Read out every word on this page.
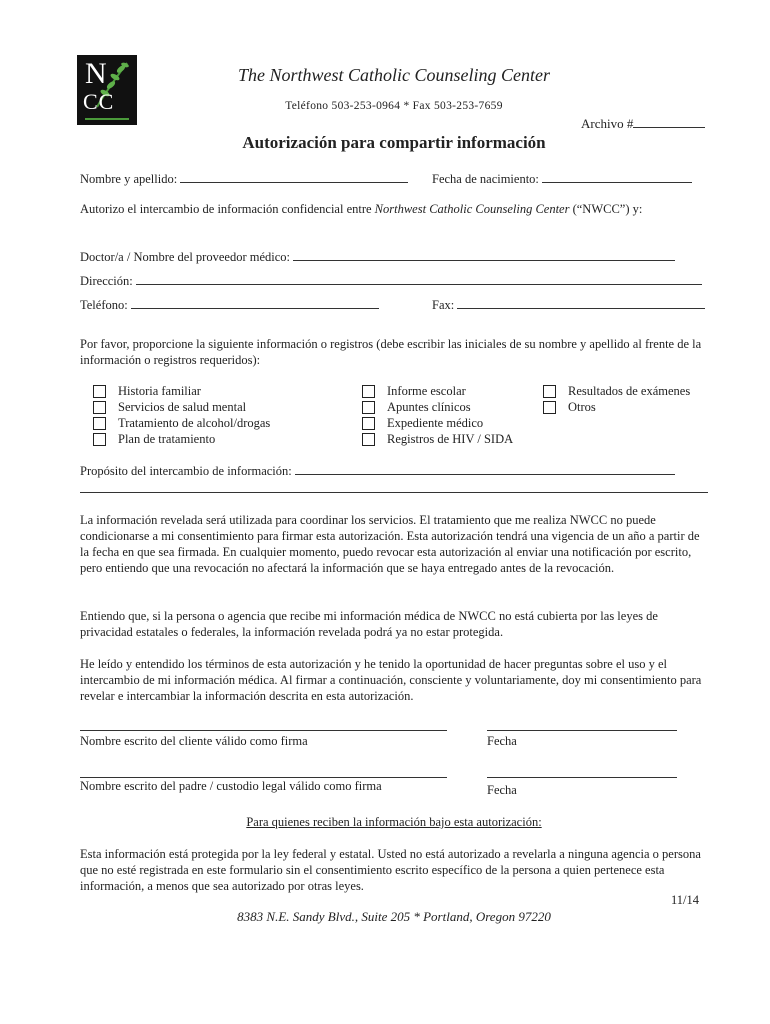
N
CC
The Northwest Catholic Counseling Center
Teléfono 503-253-0964 * Fax 503-253-7659
Archivo #
Autorización para compartir información
Nombre y apellido:	Fecha de nacimiento:
Autorizo el intercambio de información confidencial entre Northwest Catholic Counseling Center (“NWCC”) y:
Doctor/a / Nombre del proveedor médico:
Dirección:
Teléfono:	Fax:
Por favor, proporcione la siguiente información o registros (debe escribir las iniciales de su nombre y apellido al frente de la información o registros requeridos):
Historia familiar
Servicios de salud mental
Tratamiento de alcohol/drogas
Plan de tratamiento
Informe escolar
Apuntes clínicos
Expediente médico
Registros de HIV / SIDA
Resultados de exámenes
Otros
Propósito del intercambio de información:
La información revelada será utilizada para coordinar los servicios. El tratamiento que me realiza NWCC no puede condicionarse a mi consentimiento para firmar esta autorización. Esta autorización tendrá una vigencia de un año a partir de la fecha en que sea firmada. En cualquier momento, puedo revocar esta autorización al enviar una notificación por escrito, pero entiendo que una revocación no afectará la información que se haya entregado antes de la revocación.
Entiendo que, si la persona o agencia que recibe mi información médica de NWCC no está cubierta por las leyes de privacidad estatales o federales, la información revelada podrá ya no estar protegida.
He leído y entendido los términos de esta autorización y he tenido la oportunidad de hacer preguntas sobre el uso y el intercambio de mi información médica. Al firmar a continuación, consciente y voluntariamente, doy mi consentimiento para revelar e intercambiar la información descrita en esta autorización.
Nombre escrito del cliente válido como firma	Fecha
Nombre escrito del padre / custodio legal válido como firma	Fecha
Para quienes reciben la información bajo esta autorización:
Esta información está protegida por la ley federal y estatal. Usted no está autorizado a revelarla a ninguna agencia o persona que no esté registrada en este formulario sin el consentimiento escrito específico de la persona a quien pertenece esta información, a menos que sea autorizado por otras leyes.
11/14
8383 N.E. Sandy Blvd., Suite 205 * Portland, Oregon 97220
